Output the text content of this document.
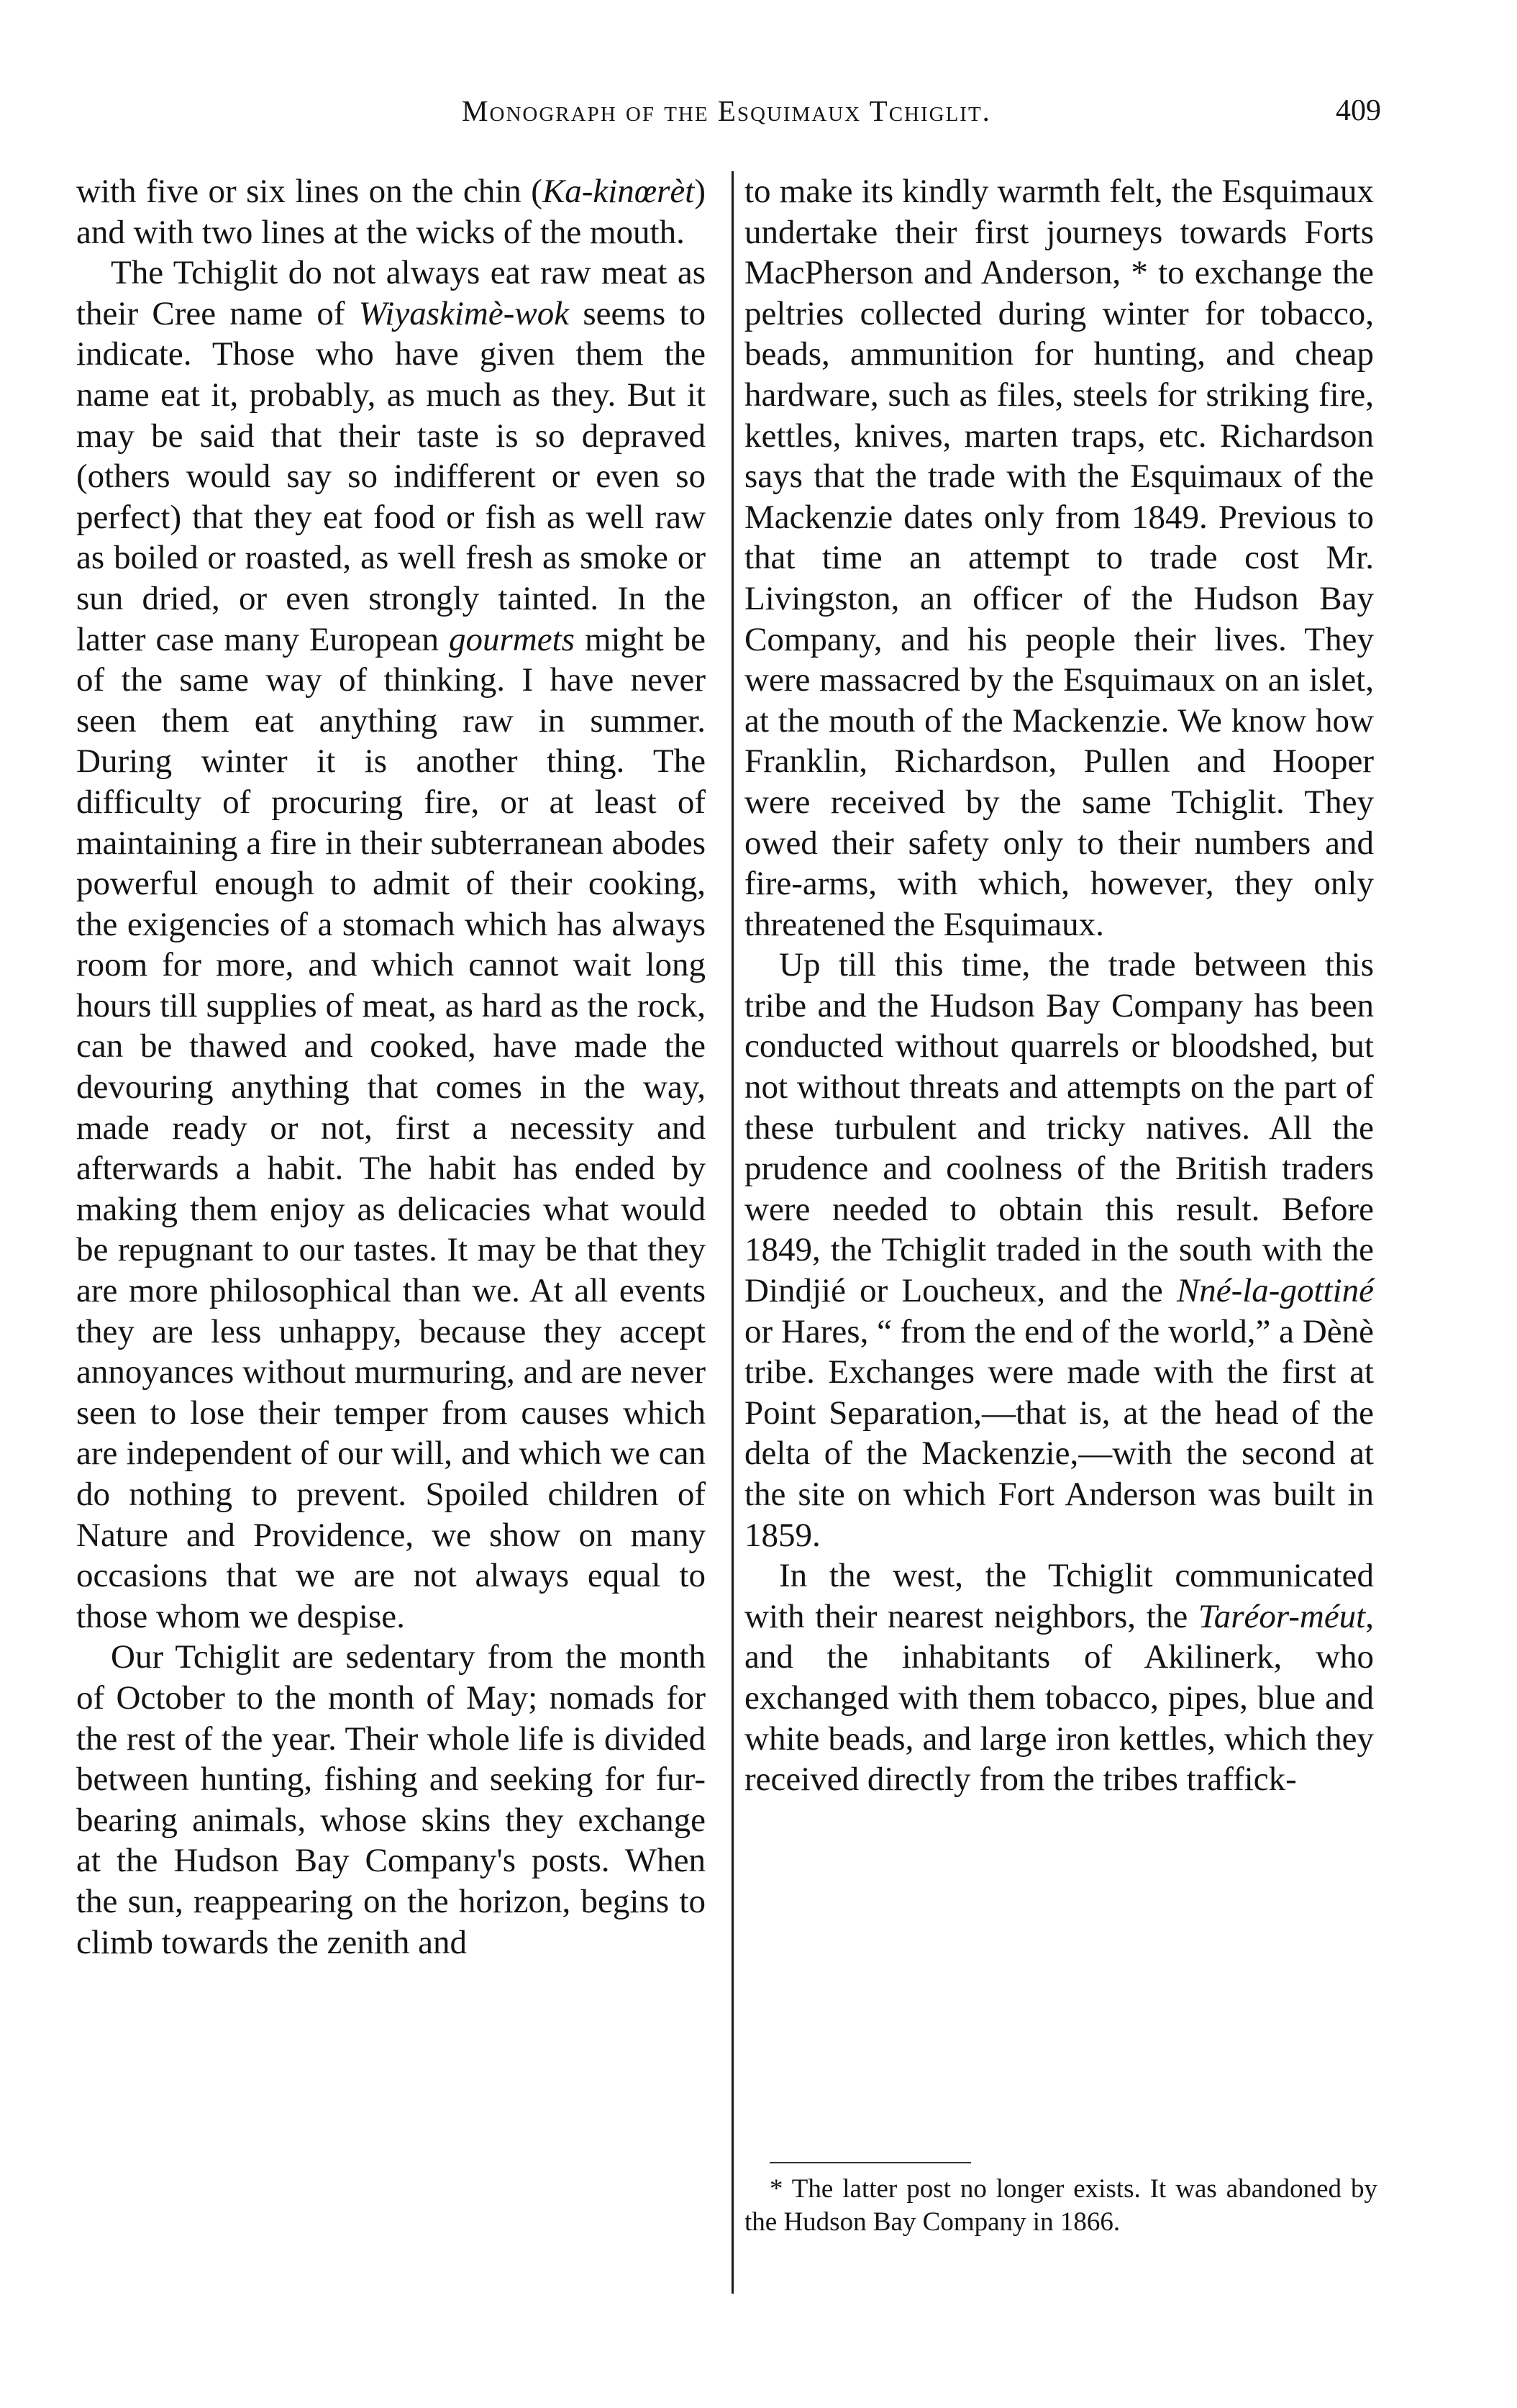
Monograph of the Esquimaux Tchiglit.	409

with five or six lines on the chin (Ka-kinœrèt) and with two lines at the wicks of the mouth.

The Tchiglit do not always eat raw meat as their Cree name of Wiyaskimè-wok seems to indicate. Those who have given them the name eat it, probably, as much as they. But it may be said that their taste is so depraved (others would say so indifferent or even so perfect) that they eat food or fish as well raw as boiled or roasted, as well fresh as smoke or sun dried, or even strongly tainted. In the latter case many European gourmets might be of the same way of thinking. I have never seen them eat anything raw in summer. During winter it is another thing. The difficulty of procuring fire, or at least of maintaining a fire in their subterranean abodes powerful enough to admit of their cooking, the exigencies of a stomach which has always room for more, and which cannot wait long hours till supplies of meat, as hard as the rock, can be thawed and cooked, have made the devouring anything that comes in the way, made ready or not, first a necessity and afterwards a habit. The habit has ended by making them enjoy as delicacies what would be repugnant to our tastes. It may be that they are more philosophical than we. At all events they are less unhappy, because they accept annoyances without murmuring, and are never seen to lose their temper from causes which are independent of our will, and which we can do nothing to prevent. Spoiled children of Nature and Providence, we show on many occasions that we are not always equal to those whom we despise.

Our Tchiglit are sedentary from the month of October to the month of May; nomads for the rest of the year. Their whole life is divided between hunting, fishing and seeking for fur-bearing animals, whose skins they exchange at the Hudson Bay Company's posts. When the sun, reappearing on the horizon, begins to climb towards the zenith and

to make its kindly warmth felt, the Esquimaux undertake their first journeys towards Forts MacPherson and Anderson, * to exchange the peltries collected during winter for tobacco, beads, ammunition for hunting, and cheap hardware, such as files, steels for striking fire, kettles, knives, marten traps, etc. Richardson says that the trade with the Esquimaux of the Mackenzie dates only from 1849. Previous to that time an attempt to trade cost Mr. Livingston, an officer of the Hudson Bay Company, and his people their lives. They were massacred by the Esquimaux on an islet, at the mouth of the Mackenzie. We know how Franklin, Richardson, Pullen and Hooper were received by the same Tchiglit. They owed their safety only to their numbers and fire-arms, with which, however, they only threatened the Esquimaux.

Up till this time, the trade between this tribe and the Hudson Bay Company has been conducted without quarrels or bloodshed, but not without threats and attempts on the part of these turbulent and tricky natives. All the prudence and coolness of the British traders were needed to obtain this result. Before 1849, the Tchiglit traded in the south with the Dindjié or Loucheux, and the Nné-la-gottiné or Hares, “ from the end of the world,” a Dènè tribe. Exchanges were made with the first at Point Separation,—that is, at the head of the delta of the Mackenzie,—with the second at the site on which Fort Anderson was built in 1859.

In the west, the Tchiglit communicated with their nearest neighbors, the Taréor-méut, and the inhabitants of Akilinerk, who exchanged with them tobacco, pipes, blue and white beads, and large iron kettles, which they received directly from the tribes traffick-

* The latter post no longer exists. It was abandoned by the Hudson Bay Company in 1866.
